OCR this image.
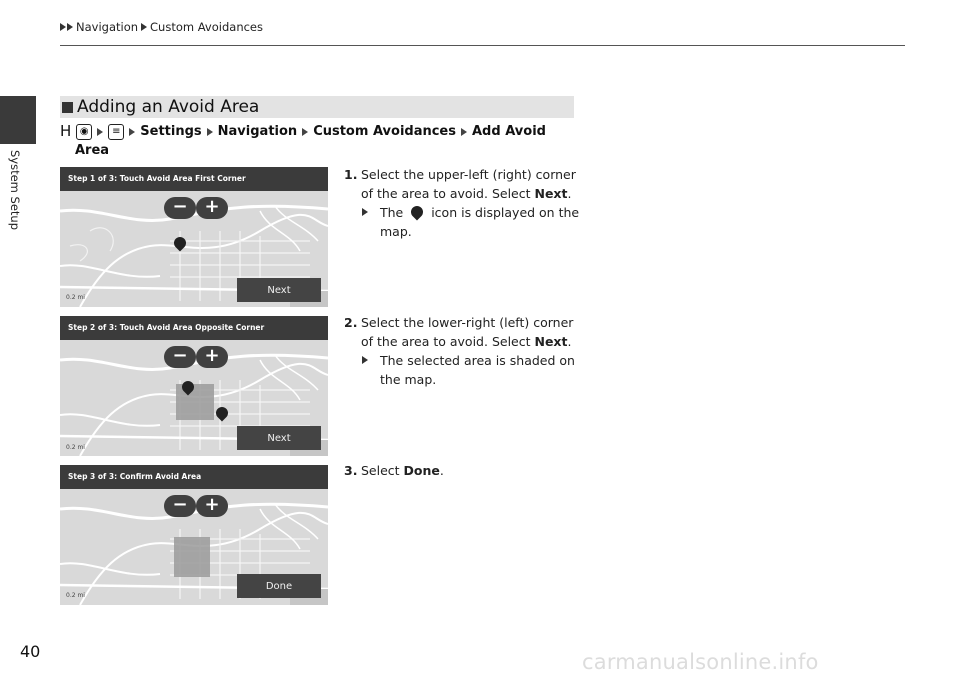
System Setup
Navigation Custom Avoidances
Adding an Avoid Area
H ◉	≡ Settings Navigation Custom Avoidances Add Avoid
Area
Step 1 of 3: Touch Avoid Area First Corner
− +
Next
0.2 mi
Step 2 of 3: Touch Avoid Area Opposite Corner
− +
Next
0.2 mi
Step 3 of 3: Confirm Avoid Area
− +
Done
0.2 mi
1. Select the upper-left (right) corner
of the area to avoid. Select Next.
The  icon is displayed on the
map.
2. Select the lower-right (left) corner
of the area to avoid. Select Next.
The selected area is shaded on
the map.
3. Select Done.
40	carmanualsonline.info
